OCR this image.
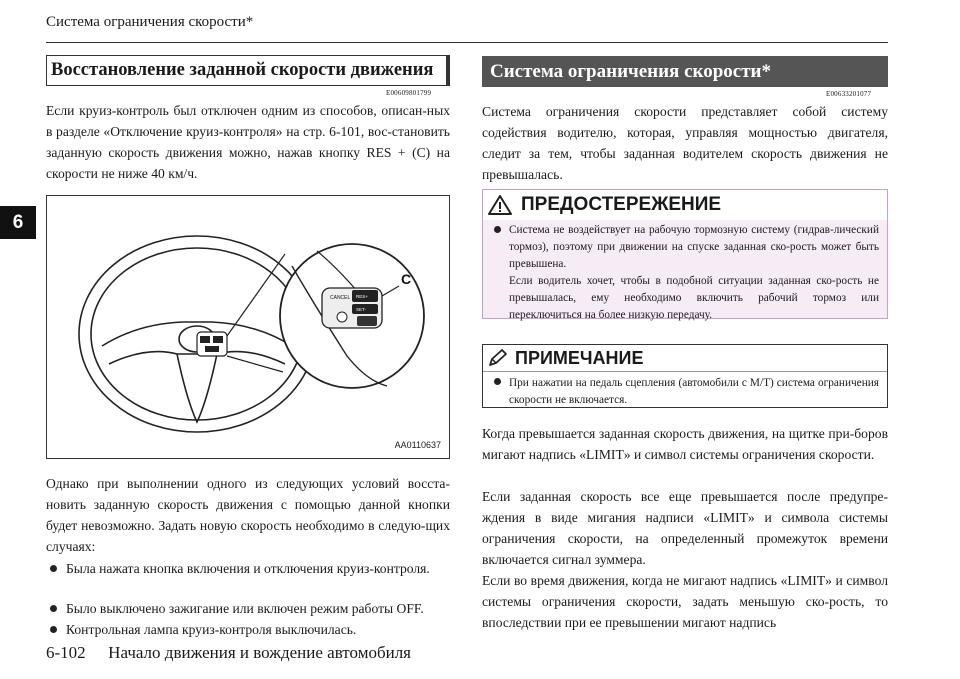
Система ограничения скорости*
6
Восстановление заданной скорости движения
E00609801799
Если круиз-контроль был отключен одним из способов, описан-ных в разделе «Отключение круиз-контроля» на стр. 6-101, вос-становить заданную скорость движения можно, нажав кнопку RES + (C) на скорости не ниже 40 км/ч.
CANCEL RES+
SET-
C
AA0110637
Однако при выполнении одного из следующих условий восста-новить заданную скорость движения с помощью данной кнопки будет невозможно. Задать новую скорость необходимо в следую-щих случаях:
Была нажата кнопка включения и отключения круиз-контроля.
Было выключено зажигание или включен режим работы OFF.
Контрольная лампа круиз-контроля выключилась.
Система ограничения скорости*
E00633201077
Система ограничения скорости представляет собой систему содействия водителю, которая, управляя мощностью двигателя, следит за тем, чтобы заданная водителем скорость движения не превышалась.
ПРЕДОСТЕРЕЖЕНИЕ
Система не воздействует на рабочую тормозную систему (гидрав-лический тормоз), поэтому при движении на спуске заданная ско-рость может быть превышена.
Если водитель хочет, чтобы в подобной ситуации заданная ско-рость не превышалась, ему необходимо включить рабочий тормоз или переключиться на более низкую передачу.
ПРИМЕЧАНИЕ
При нажатии на педаль сцепления (автомобили с M/T) система ограничения скорости не включается.
Когда превышается заданная скорость движения, на щитке при-боров мигают надпись «LIMIT» и символ системы ограничения скорости.
Если заданная скорость все еще превышается после предупре-ждения в виде мигания надписи «LIMIT» и символа системы ограничения скорости, на определенный промежуток времени включается сигнал зуммера.
Если во время движения, когда не мигают надпись «LIMIT» и символ системы ограничения скорости, задать меньшую ско-рость, то впоследствии при ее превышении мигают надпись
6-102 Начало движения и вождение автомобиля
